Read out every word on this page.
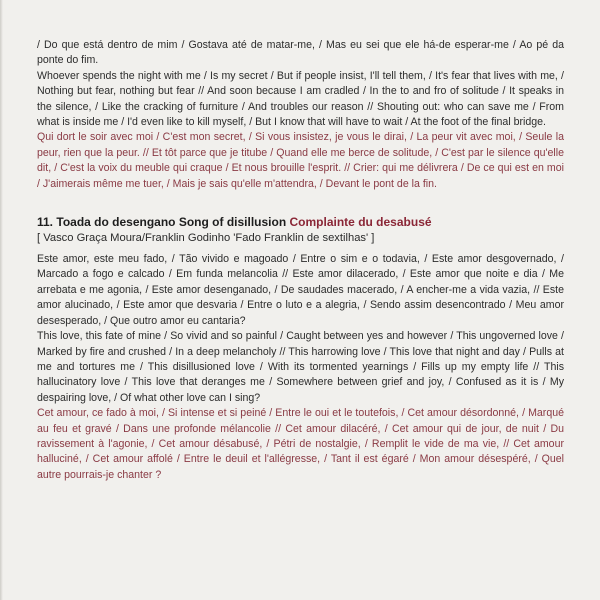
/ Do que está dentro de mim / Gostava até de matar-me, / Mas eu sei que ele há-de esperar-me / Ao pé da ponte do fim.

Whoever spends the night with me / Is my secret / But if people insist, I'll tell them, / It's fear that lives with me, / Nothing but fear, nothing but fear // And soon because I am cradled / In the to and fro of solitude / It speaks in the silence, / Like the cracking of furniture / And troubles our reason // Shouting out: who can save me / From what is inside me / I'd even like to kill myself, / But I know that will have to wait / At the foot of the final bridge.

Qui dort le soir avec moi / C'est mon secret, / Si vous insistez, je vous le dirai, / La peur vit avec moi, / Seule la peur, rien que la peur. // Et tôt parce que je titube / Quand elle me berce de solitude, / C'est par le silence qu'elle dit, / C'est la voix du meuble qui craque / Et nous brouille l'esprit. // Crier: qui me délivrera / De ce qui est en moi / J'aimerais même me tuer, / Mais je sais qu'elle m'attendra, / Devant le pont de la fin.

11. Toada do desengano Song of disillusion Complainte du desabusé
[ Vasco Graça Moura/Franklin Godinho 'Fado Franklin de sextilhas' ]

Este amor, este meu fado, / Tão vivido e magoado / Entre o sim e o todavia, / Este amor desgovernado, / Marcado a fogo e calcado / Em funda melancolia // Este amor dilacerado, / Este amor que noite e dia / Me arrebata e me agonia, / Este amor desenganado, / De saudades macerado, / A encher-me a vida vazia, // Este amor alucinado, / Este amor que desvaria / Entre o luto e a alegria, / Sendo assim desencontrado / Meu amor desesperado, / Que outro amor eu cantaria?

This love, this fate of mine / So vivid and so painful / Caught between yes and however / This ungoverned love / Marked by fire and crushed / In a deep melancholy // This harrowing love / This love that night and day / Pulls at me and tortures me / This disillusioned love / With its tormented yearnings / Fills up my empty life // This hallucinatory love / This love that deranges me / Somewhere between grief and joy, / Confused as it is / My despairing love, / Of what other love can I sing?

Cet amour, ce fado à moi, / Si intense et si peiné / Entre le oui et le toutefois, / Cet amour désordonné, / Marqué au feu et gravé / Dans une profonde mélancolie // Cet amour dilacéré, / Cet amour qui de jour, de nuit / Du ravissement à l'agonie, / Cet amour désabusé, / Pétri de nostalgie, / Remplit le vide de ma vie, // Cet amour halluciné, / Cet amour affolé / Entre le deuil et l'allégresse, / Tant il est égaré / Mon amour désespéré, / Quel autre pourrais-je chanter ?
